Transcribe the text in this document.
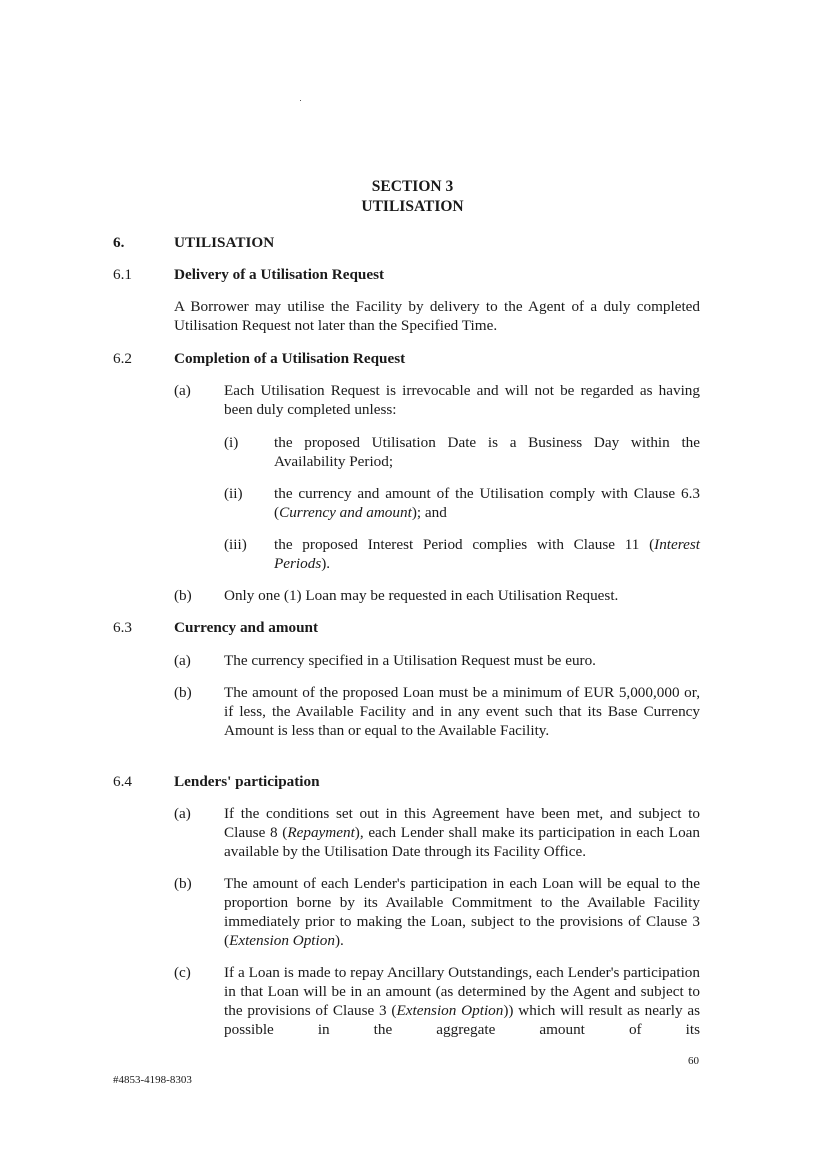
SECTION 3
UTILISATION
6.	UTILISATION
6.1	Delivery of a Utilisation Request
A Borrower may utilise the Facility by delivery to the Agent of a duly completed Utilisation Request not later than the Specified Time.
6.2	Completion of a Utilisation Request
(a) Each Utilisation Request is irrevocable and will not be regarded as having been duly completed unless:
(i) the proposed Utilisation Date is a Business Day within the Availability Period;
(ii) the currency and amount of the Utilisation comply with Clause 6.3 (Currency and amount); and
(iii) the proposed Interest Period complies with Clause 11 (Interest Periods).
(b) Only one (1) Loan may be requested in each Utilisation Request.
6.3	Currency and amount
(a) The currency specified in a Utilisation Request must be euro.
(b) The amount of the proposed Loan must be a minimum of EUR 5,000,000 or, if less, the Available Facility and in any event such that its Base Currency Amount is less than or equal to the Available Facility.
6.4	Lenders' participation
(a) If the conditions set out in this Agreement have been met, and subject to Clause 8 (Repayment), each Lender shall make its participation in each Loan available by the Utilisation Date through its Facility Office.
(b) The amount of each Lender's participation in each Loan will be equal to the proportion borne by its Available Commitment to the Available Facility immediately prior to making the Loan, subject to the provisions of Clause 3 (Extension Option).
(c) If a Loan is made to repay Ancillary Outstandings, each Lender's participation in that Loan will be in an amount (as determined by the Agent and subject to the provisions of Clause 3 (Extension Option)) which will result as nearly as possible in the aggregate amount of its
60
#4853-4198-8303
